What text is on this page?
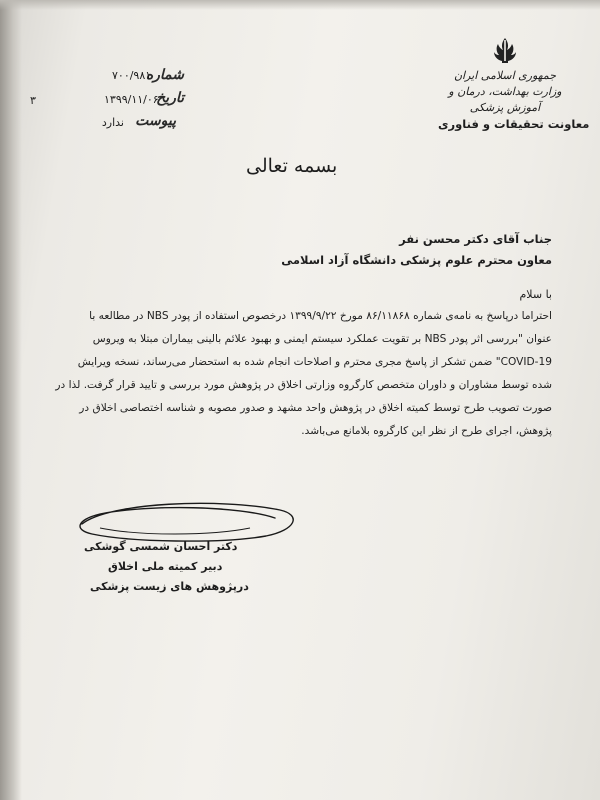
جمهوری اسلامی ایران
وزارت بهداشت، درمان و آموزش پزشکی
معاونت تحقیقات و فناوری
شماره
۷۰۰/۹۸۱
تاریخ
۱۳۹۹/۱۱/۰۶
پیوست
ندارد
۳
بسمه تعالی
جناب آقای دکتر محسن نفر
معاون محترم علوم پزشکی دانشگاه آزاد اسلامی
با سلام
احتراما درپاسخ به نامه‌ی شماره ۸۶/۱۱۸۶۸ مورخ ۱۳۹۹/۹/۲۲ درخصوص استفاده از پودر NBS در مطالعه با
عنوان "بررسی اثر پودر NBS بر تقویت عملکرد سیستم ایمنی و بهبود علائم بالینی بیماران مبتلا به ویروس
COVID-19" ضمن تشکر از پاسخ مجری محترم و اصلاحات انجام شده به استحضار می‌رساند، نسخه ویرایش
شده توسط مشاوران و داوران متخصص کارگروه وزارتی اخلاق در پژوهش مورد بررسی و تایید قرار گرفت. لذا در
صورت تصویب طرح توسط کمیته اخلاق در پژوهش واحد مشهد و صدور مصوبه و شناسه اختصاصی اخلاق در
پژوهش، اجرای طرح از نظر این کارگروه بلامانع می‌باشد.
دکتر احسان شمسی گوشکی
دبیر کمیته ملی اخلاق
درپژوهش های زیست پزشکی
